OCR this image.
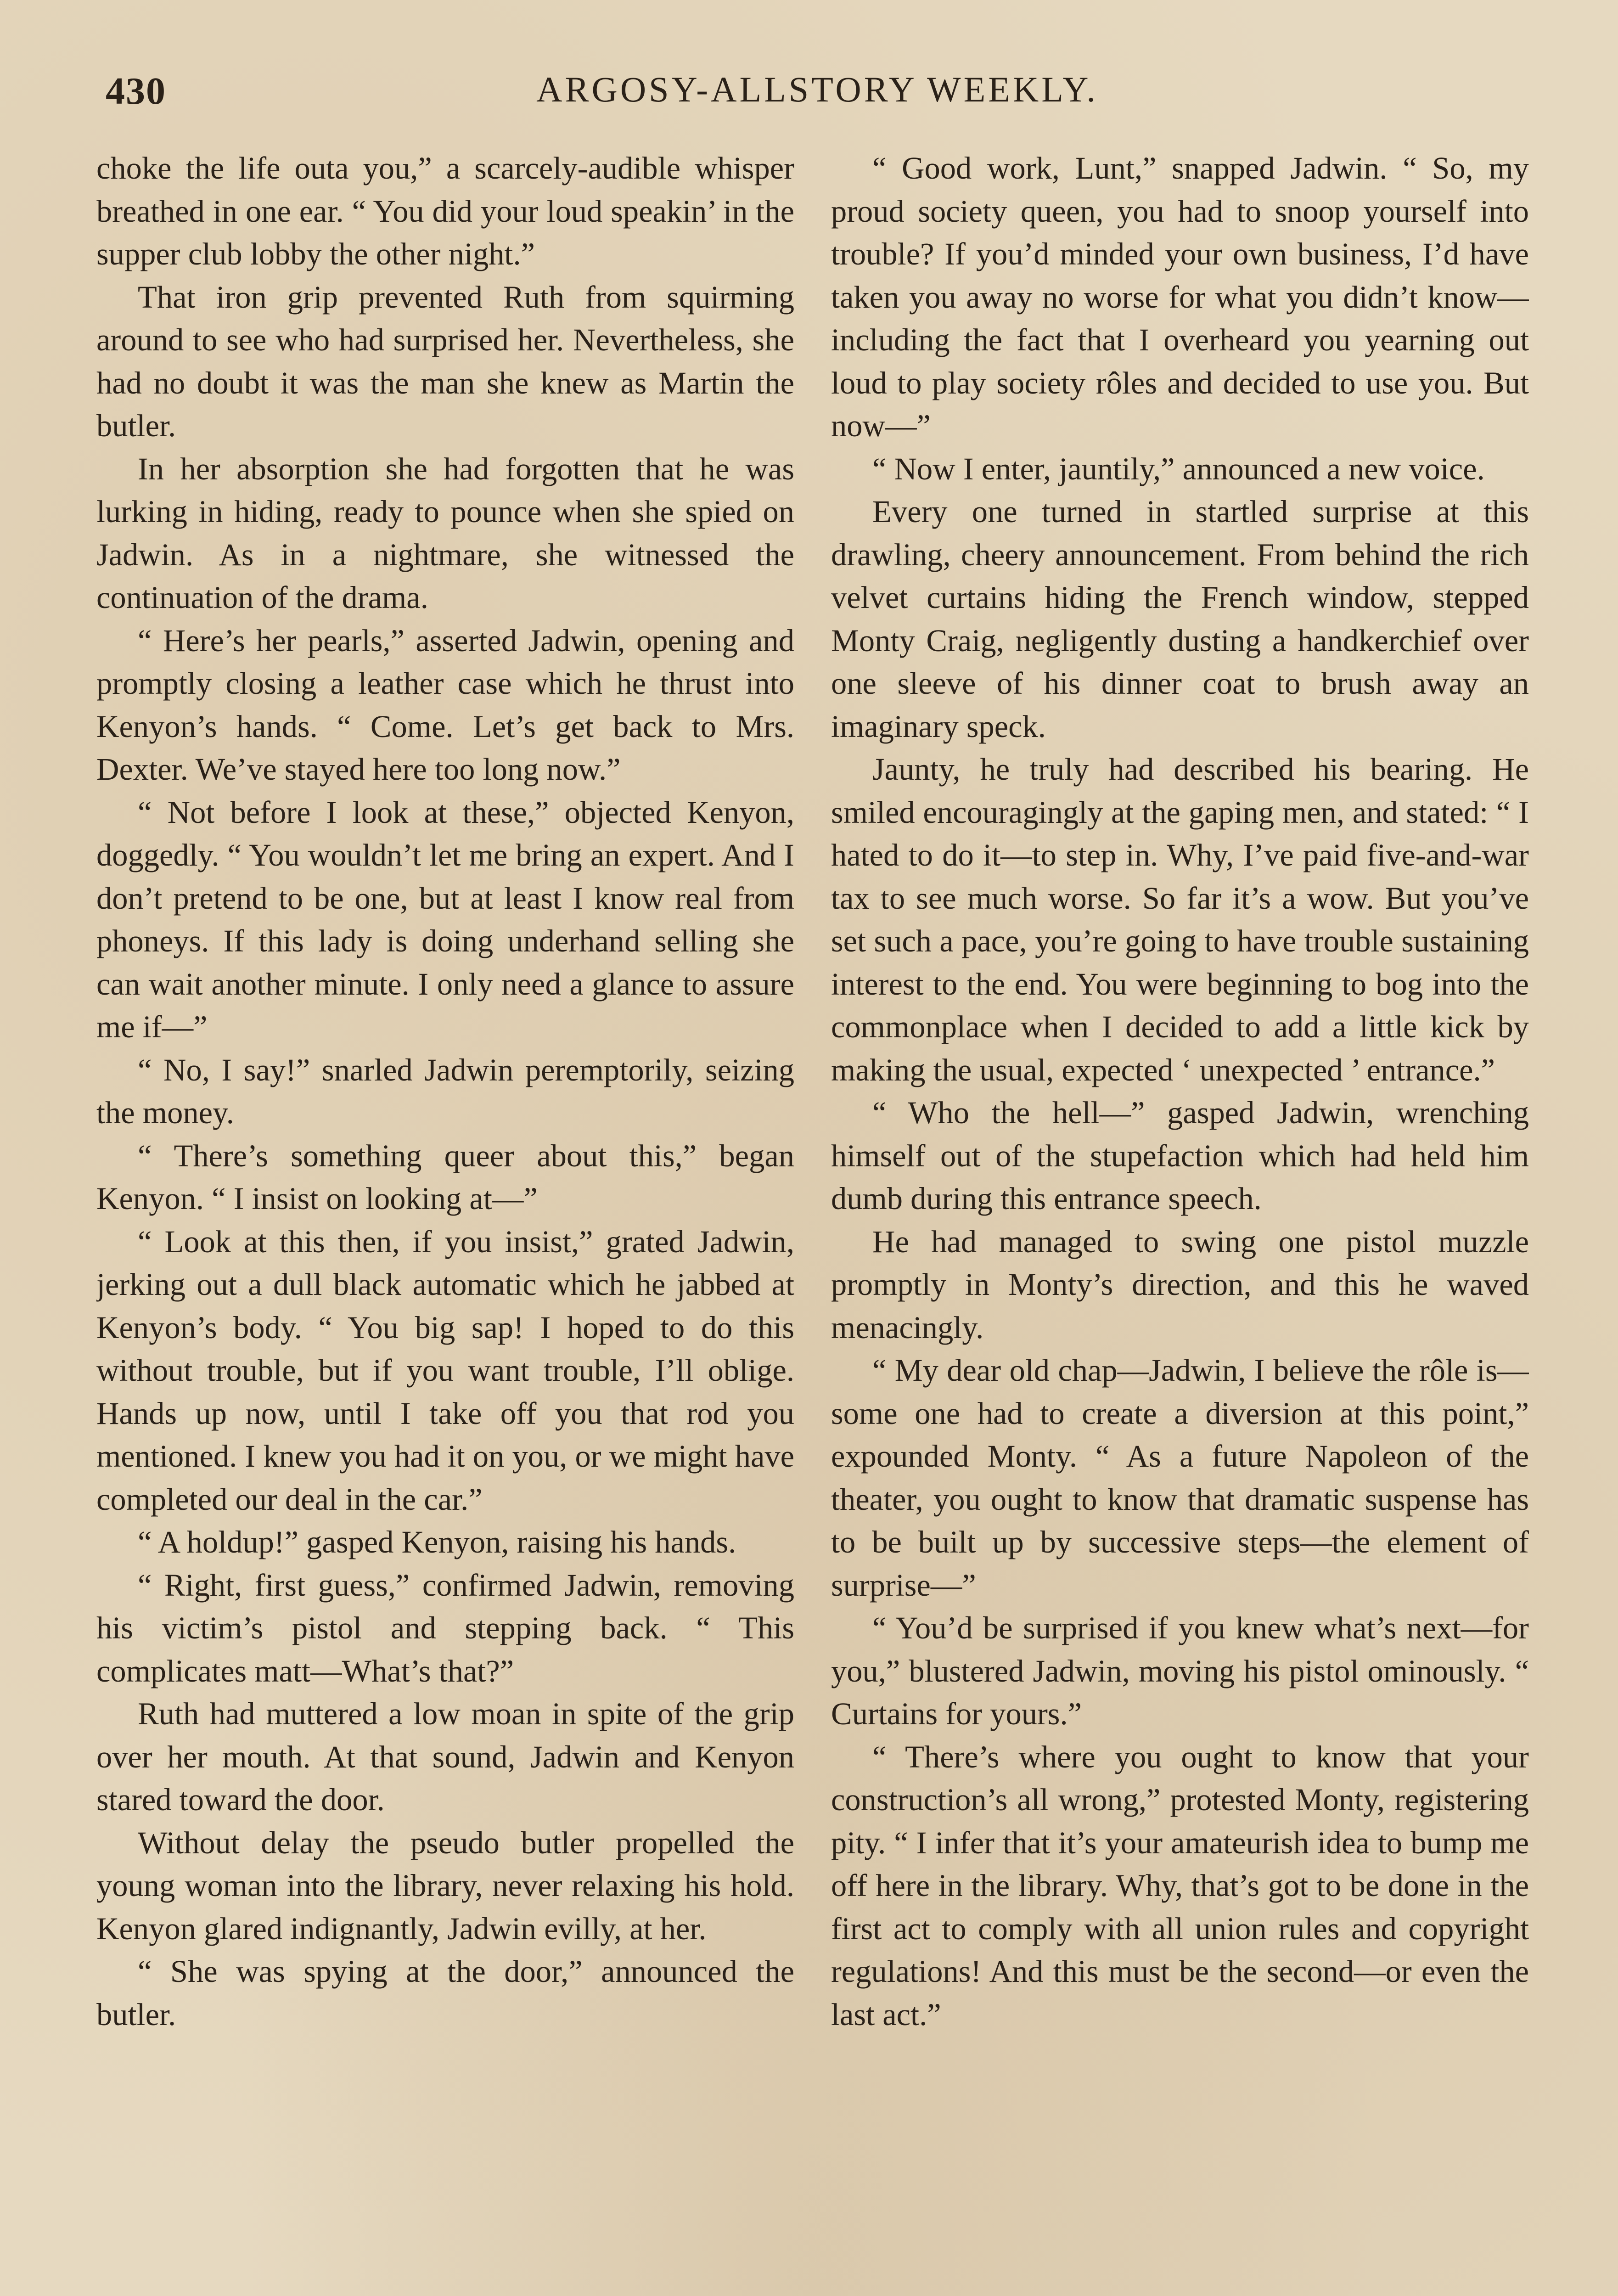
430	ARGOSY-ALLSTORY WEEKLY.

choke the life outa you,” a scarcely-audible whisper breathed in one ear. “ You did your loud speakin’ in the supper club lobby the other night.”

That iron grip prevented Ruth from squirming around to see who had surprised her. Nevertheless, she had no doubt it was the man she knew as Martin the butler.

In her absorption she had forgotten that he was lurking in hiding, ready to pounce when she spied on Jadwin. As in a nightmare, she witnessed the continuation of the drama.

“ Here’s her pearls,” asserted Jadwin, opening and promptly closing a leather case which he thrust into Kenyon’s hands. “ Come. Let’s get back to Mrs. Dexter. We’ve stayed here too long now.”

“ Not before I look at these,” objected Kenyon, doggedly. “ You wouldn’t let me bring an expert. And I don’t pretend to be one, but at least I know real from phoneys. If this lady is doing underhand selling she can wait another minute. I only need a glance to assure me if—”

“ No, I say!” snarled Jadwin peremptorily, seizing the money.

“ There’s something queer about this,” began Kenyon. “ I insist on looking at—”

“ Look at this then, if you insist,” grated Jadwin, jerking out a dull black automatic which he jabbed at Kenyon’s body. “ You big sap! I hoped to do this without trouble, but if you want trouble, I’ll oblige. Hands up now, until I take off you that rod you mentioned. I knew you had it on you, or we might have completed our deal in the car.”

“ A holdup!” gasped Kenyon, raising his hands.

“ Right, first guess,” confirmed Jadwin, removing his victim’s pistol and stepping back. “ This complicates matt—What’s that?”

Ruth had muttered a low moan in spite of the grip over her mouth. At that sound, Jadwin and Kenyon stared toward the door.

Without delay the pseudo butler propelled the young woman into the library, never relaxing his hold. Kenyon glared indignantly, Jadwin evilly, at her.

“ She was spying at the door,” announced the butler.

“ Good work, Lunt,” snapped Jadwin. “ So, my proud society queen, you had to snoop yourself into trouble? If you’d minded your own business, I’d have taken you away no worse for what you didn’t know—including the fact that I overheard you yearning out loud to play society rôles and decided to use you. But now—”

“ Now I enter, jauntily,” announced a new voice.

Every one turned in startled surprise at this drawling, cheery announcement. From behind the rich velvet curtains hiding the French window, stepped Monty Craig, negligently dusting a handkerchief over one sleeve of his dinner coat to brush away an imaginary speck.

Jaunty, he truly had described his bearing. He smiled encouragingly at the gaping men, and stated: “ I hated to do it—to step in. Why, I’ve paid five-and-war tax to see much worse. So far it’s a wow. But you’ve set such a pace, you’re going to have trouble sustaining interest to the end. You were beginning to bog into the commonplace when I decided to add a little kick by making the usual, expected ‘ unexpected ’ entrance.”

“ Who the hell—” gasped Jadwin, wrenching himself out of the stupefaction which had held him dumb during this entrance speech.

He had managed to swing one pistol muzzle promptly in Monty’s direction, and this he waved menacingly.

“ My dear old chap—Jadwin, I believe the rôle is—some one had to create a diversion at this point,” expounded Monty. “ As a future Napoleon of the theater, you ought to know that dramatic suspense has to be built up by successive steps—the element of surprise—”

“ You’d be surprised if you knew what’s next—for you,” blustered Jadwin, moving his pistol ominously. “ Curtains for yours.”

“ There’s where you ought to know that your construction’s all wrong,” protested Monty, registering pity. “ I infer that it’s your amateurish idea to bump me off here in the library. Why, that’s got to be done in the first act to comply with all union rules and copyright regulations! And this must be the second—or even the last act.”
